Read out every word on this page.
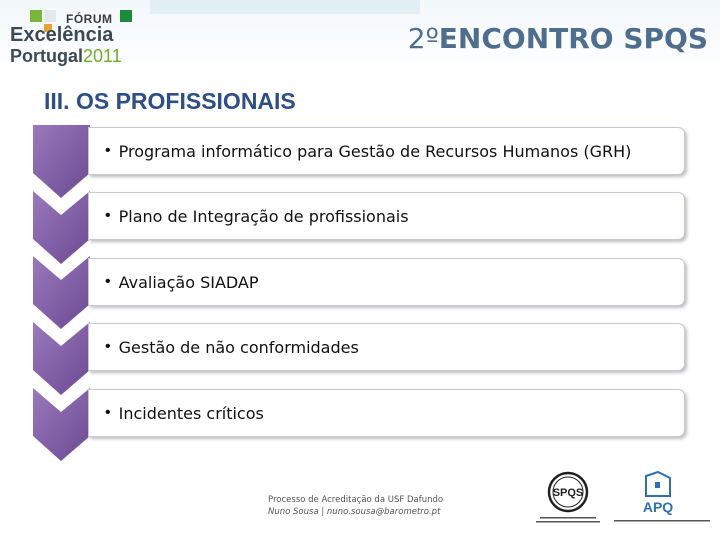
FÓRUM
Excelência
Portugal2011
2ºENCONTRO SPQS
III. OS PROFISSIONAIS
• Programa informático para Gestão de Recursos Humanos (GRH)
• Plano de Integração de profissionais
• Avaliação SIADAP
• Gestão de não conformidades
• Incidentes críticos
Processo de Acreditação da USF Dafundo
Nuno Sousa | nuno.sousa@barometro.pt
SPQS
APQ
